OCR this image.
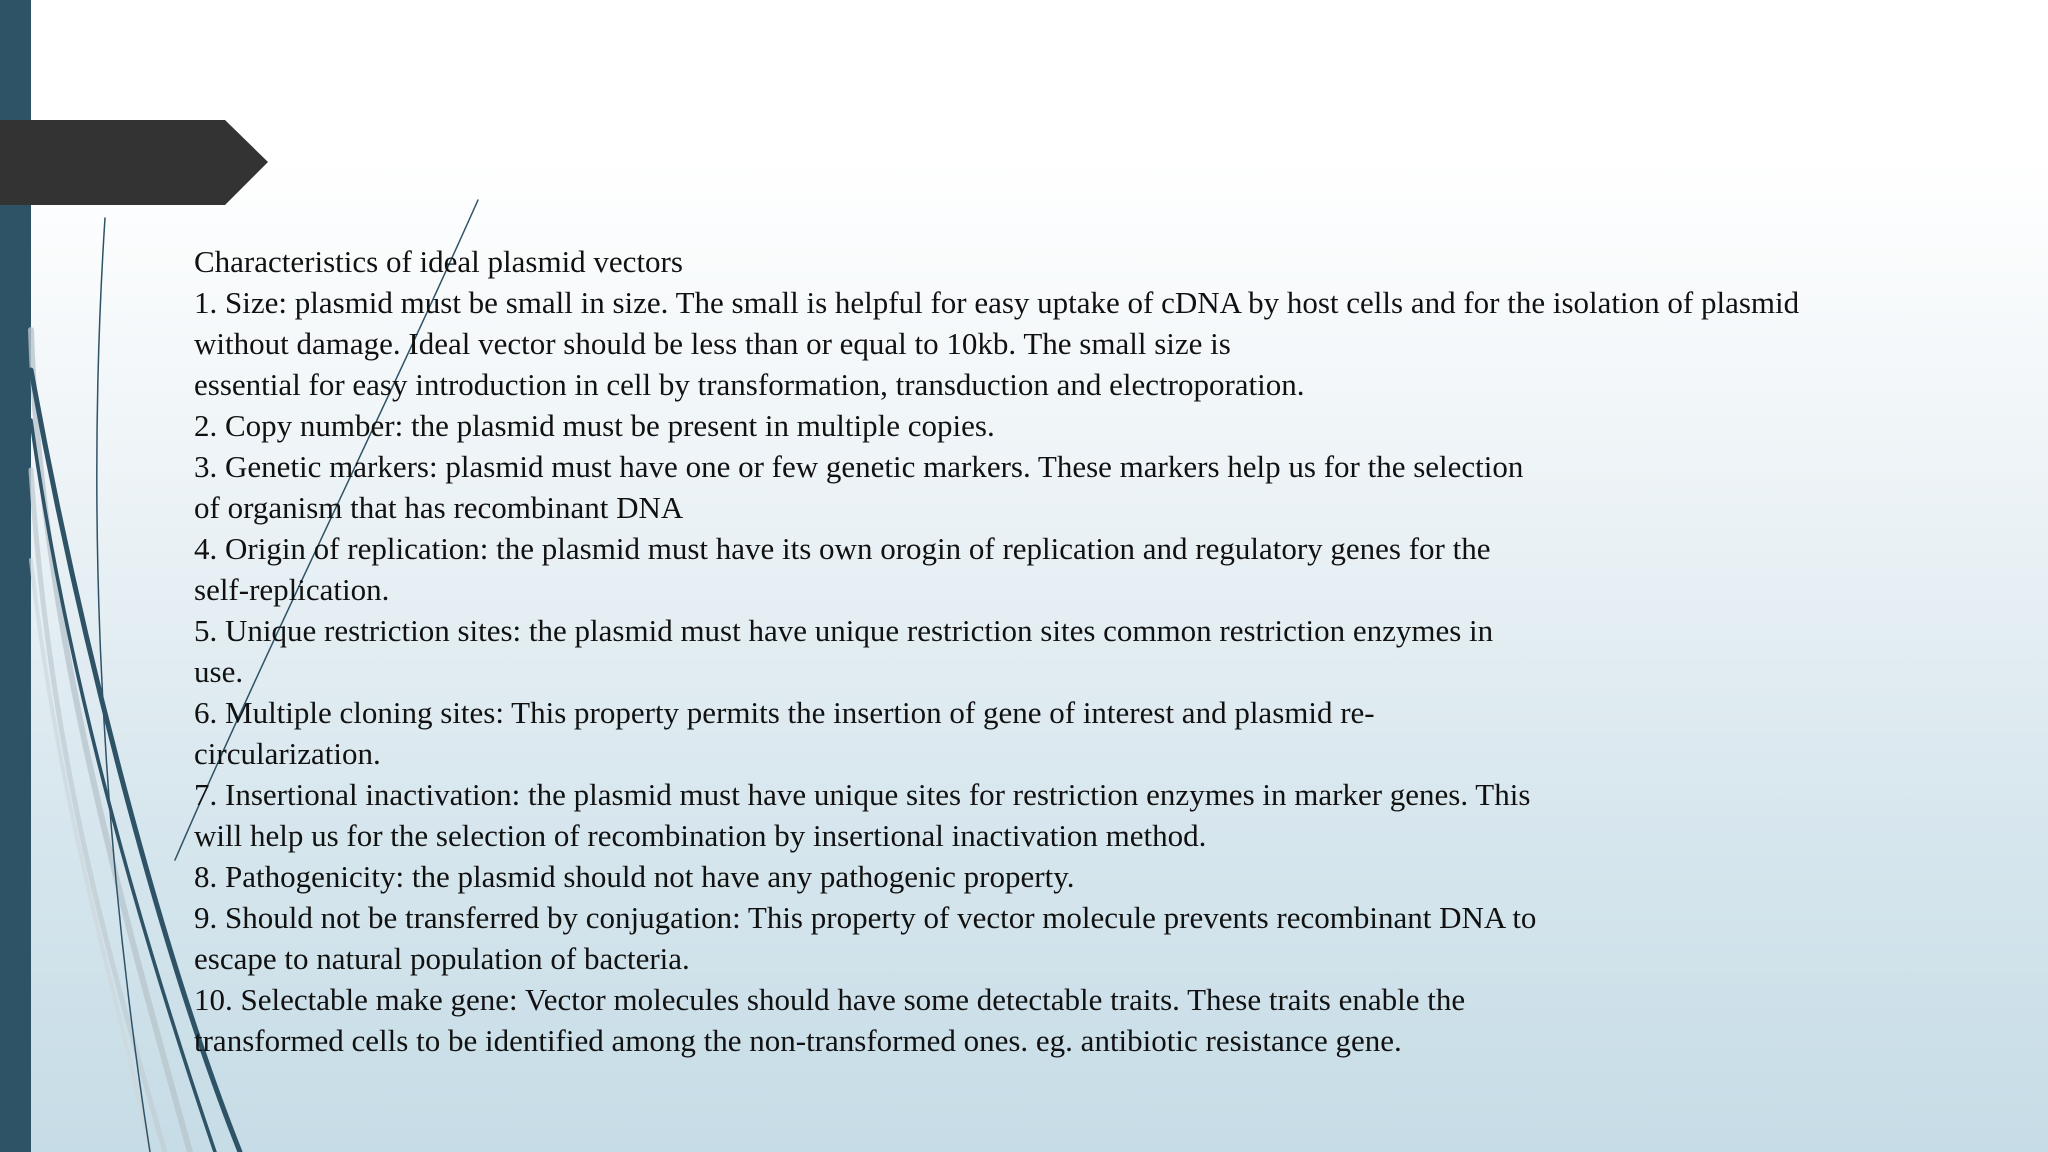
Characteristics of ideal plasmid vectors
1. Size: plasmid must be small in size. The small is helpful for easy uptake of cDNA by host cells and for the isolation of plasmid
without damage. Ideal vector should be less than or equal to 10kb. The small size is
essential for easy introduction in cell by transformation, transduction and electroporation.
2. Copy number: the plasmid must be present in multiple copies.
3. Genetic markers: plasmid must have one or few genetic markers. These markers help us for the selection
of organism that has recombinant DNA
4. Origin of replication: the plasmid must have its own orogin of replication and regulatory genes for the
self-replication.
5. Unique restriction sites: the plasmid must have unique restriction sites common restriction enzymes in
use.
6. Multiple cloning sites: This property permits the insertion of gene of interest and plasmid re-
circularization.
7. Insertional inactivation: the plasmid must have unique sites for restriction enzymes in marker genes. This
will help us for the selection of recombination by insertional inactivation method.
8. Pathogenicity: the plasmid should not have any pathogenic property.
9. Should not be transferred by conjugation: This property of vector molecule prevents recombinant DNA to
escape to natural population of bacteria.
10. Selectable make gene: Vector molecules should have some detectable traits. These traits enable the
transformed cells to be identified among the non-transformed ones. eg. antibiotic resistance gene.
